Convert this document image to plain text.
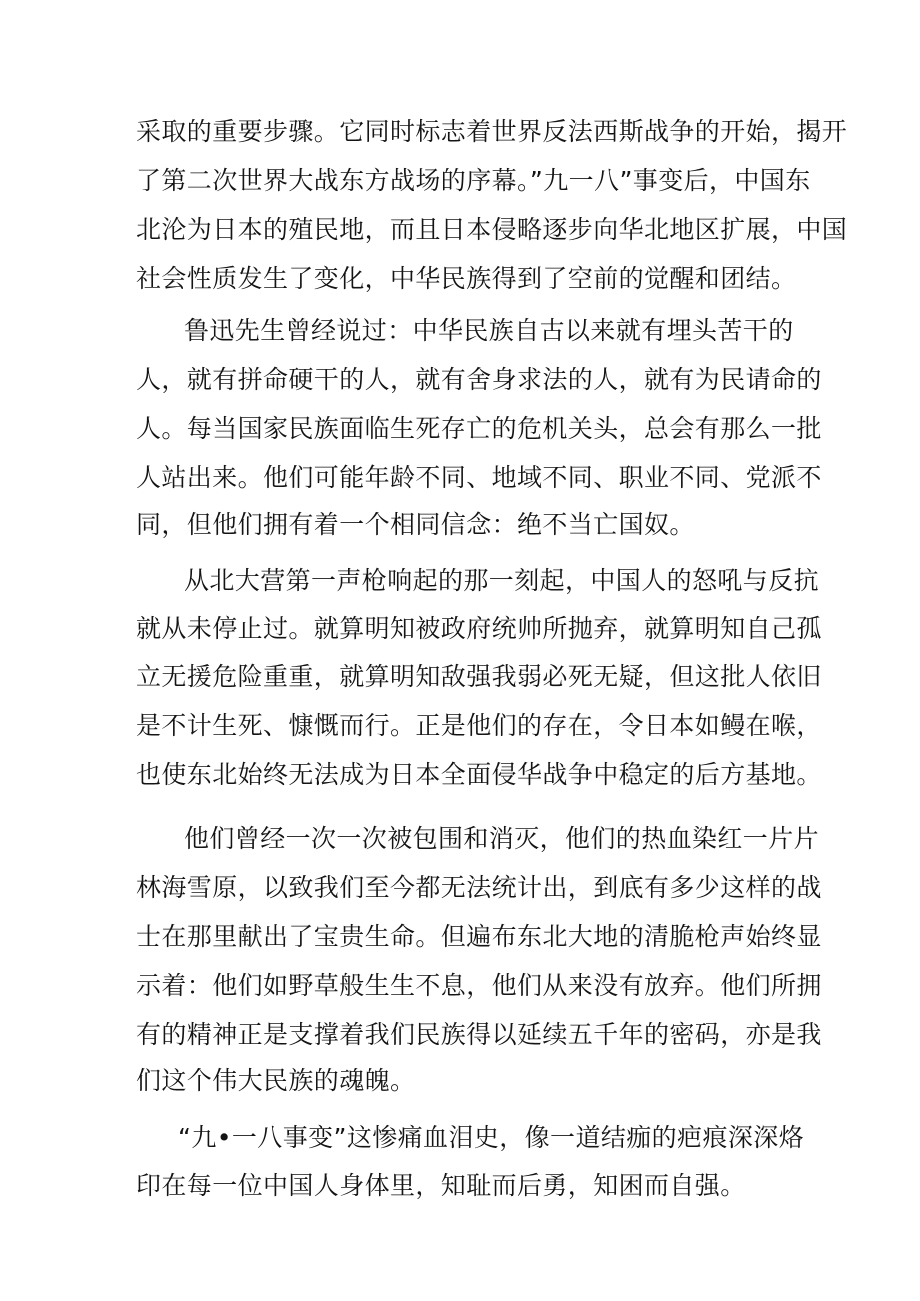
采取的重要步骤。它同时标志着世界反法西斯战争的开始，揭开
了第二次世界大战东方战场的序幕。”九一八”事变后，中国东
北沦为日本的殖民地，而且日本侵略逐步向华北地区扩展，中国
社会性质发生了变化，中华民族得到了空前的觉醒和团结。
鲁迅先生曾经说过：中华民族自古以来就有埋头苦干的
人，就有拼命硬干的人，就有舍身求法的人，就有为民请命的
人。每当国家民族面临生死存亡的危机关头，总会有那么一批
人站出来。他们可能年龄不同、地域不同、职业不同、党派不
同，但他们拥有着一个相同信念：绝不当亡国奴。
从北大营第一声枪响起的那一刻起，中国人的怒吼与反抗
就从未停止过。就算明知被政府统帅所抛弃，就算明知自己孤
立无援危险重重，就算明知敌强我弱必死无疑，但这批人依旧
是不计生死、慷慨而行。正是他们的存在，令日本如鳗在喉，
也使东北始终无法成为日本全面侵华战争中稳定的后方基地。
他们曾经一次一次被包围和消灭，他们的热血染红一片片
林海雪原，以致我们至今都无法统计出，到底有多少这样的战
士在那里献出了宝贵生命。但遍布东北大地的清脆枪声始终显
示着：他们如野草般生生不息，他们从来没有放弃。他们所拥
有的精神正是支撑着我们民族得以延续五千年的密码，亦是我
们这个伟大民族的魂魄。
“九•一八事变”这惨痛血泪史，像一道结痂的疤痕深深烙
印在每一位中国人身体里，知耻而后勇，知困而自强。
